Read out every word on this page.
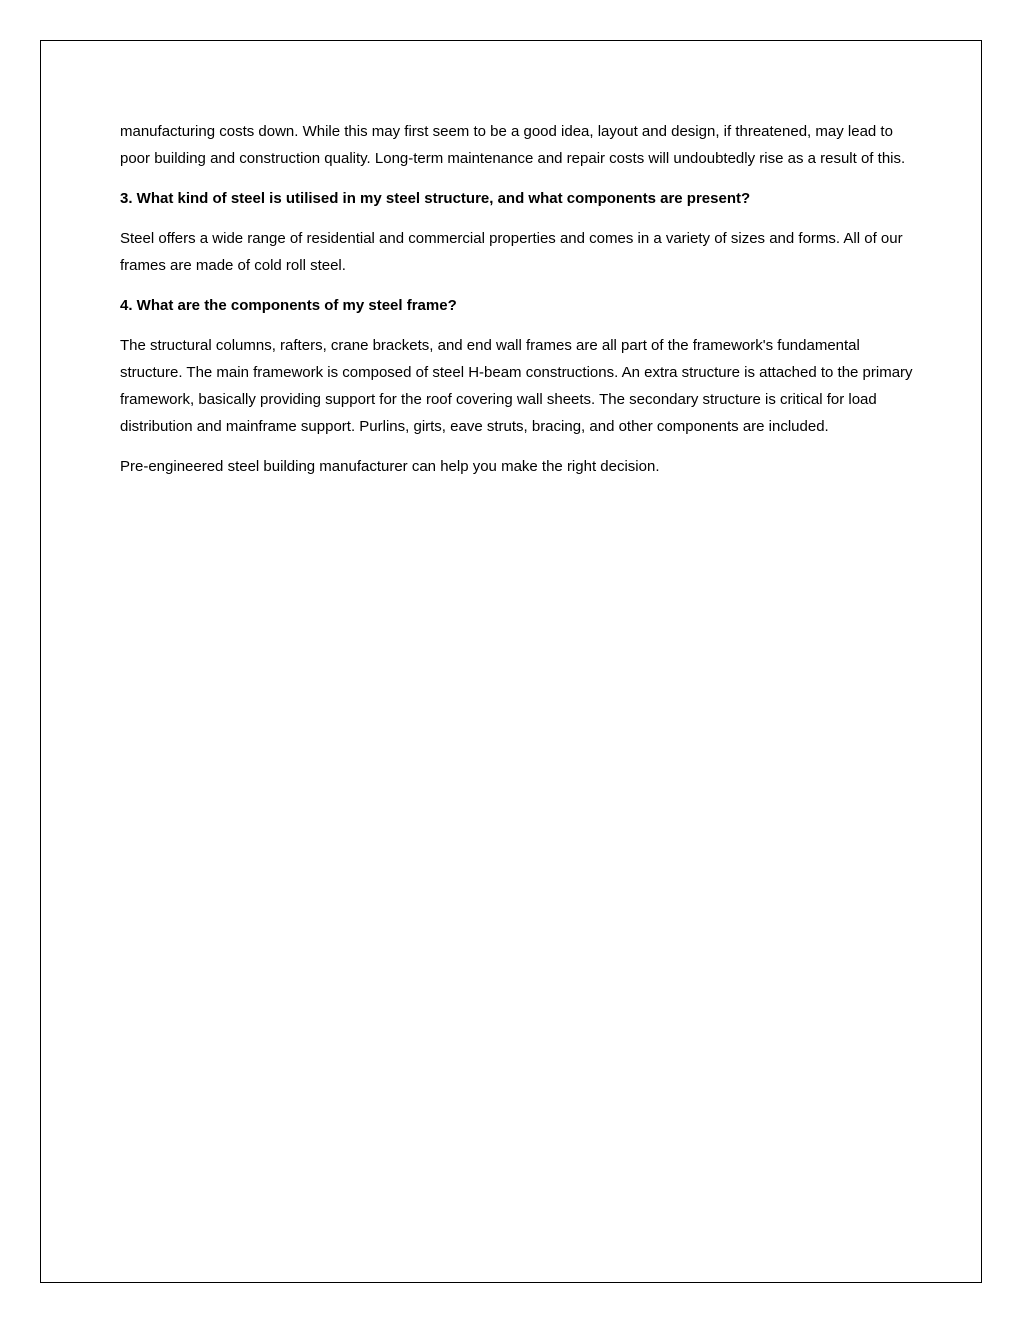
manufacturing costs down. While this may first seem to be a good idea, layout and design, if threatened, may lead to poor building and construction quality. Long-term maintenance and repair costs will undoubtedly rise as a result of this.

3. What kind of steel is utilised in my steel structure, and what components are present?

Steel offers a wide range of residential and commercial properties and comes in a variety of sizes and forms. All of our frames are made of cold roll steel.

4. What are the components of my steel frame?

The structural columns, rafters, crane brackets, and end wall frames are all part of the framework's fundamental structure. The main framework is composed of steel H-beam constructions. An extra structure is attached to the primary framework, basically providing support for the roof covering wall sheets. The secondary structure is critical for load distribution and mainframe support. Purlins, girts, eave struts, bracing, and other components are included.

Pre-engineered steel building manufacturer can help you make the right decision.
